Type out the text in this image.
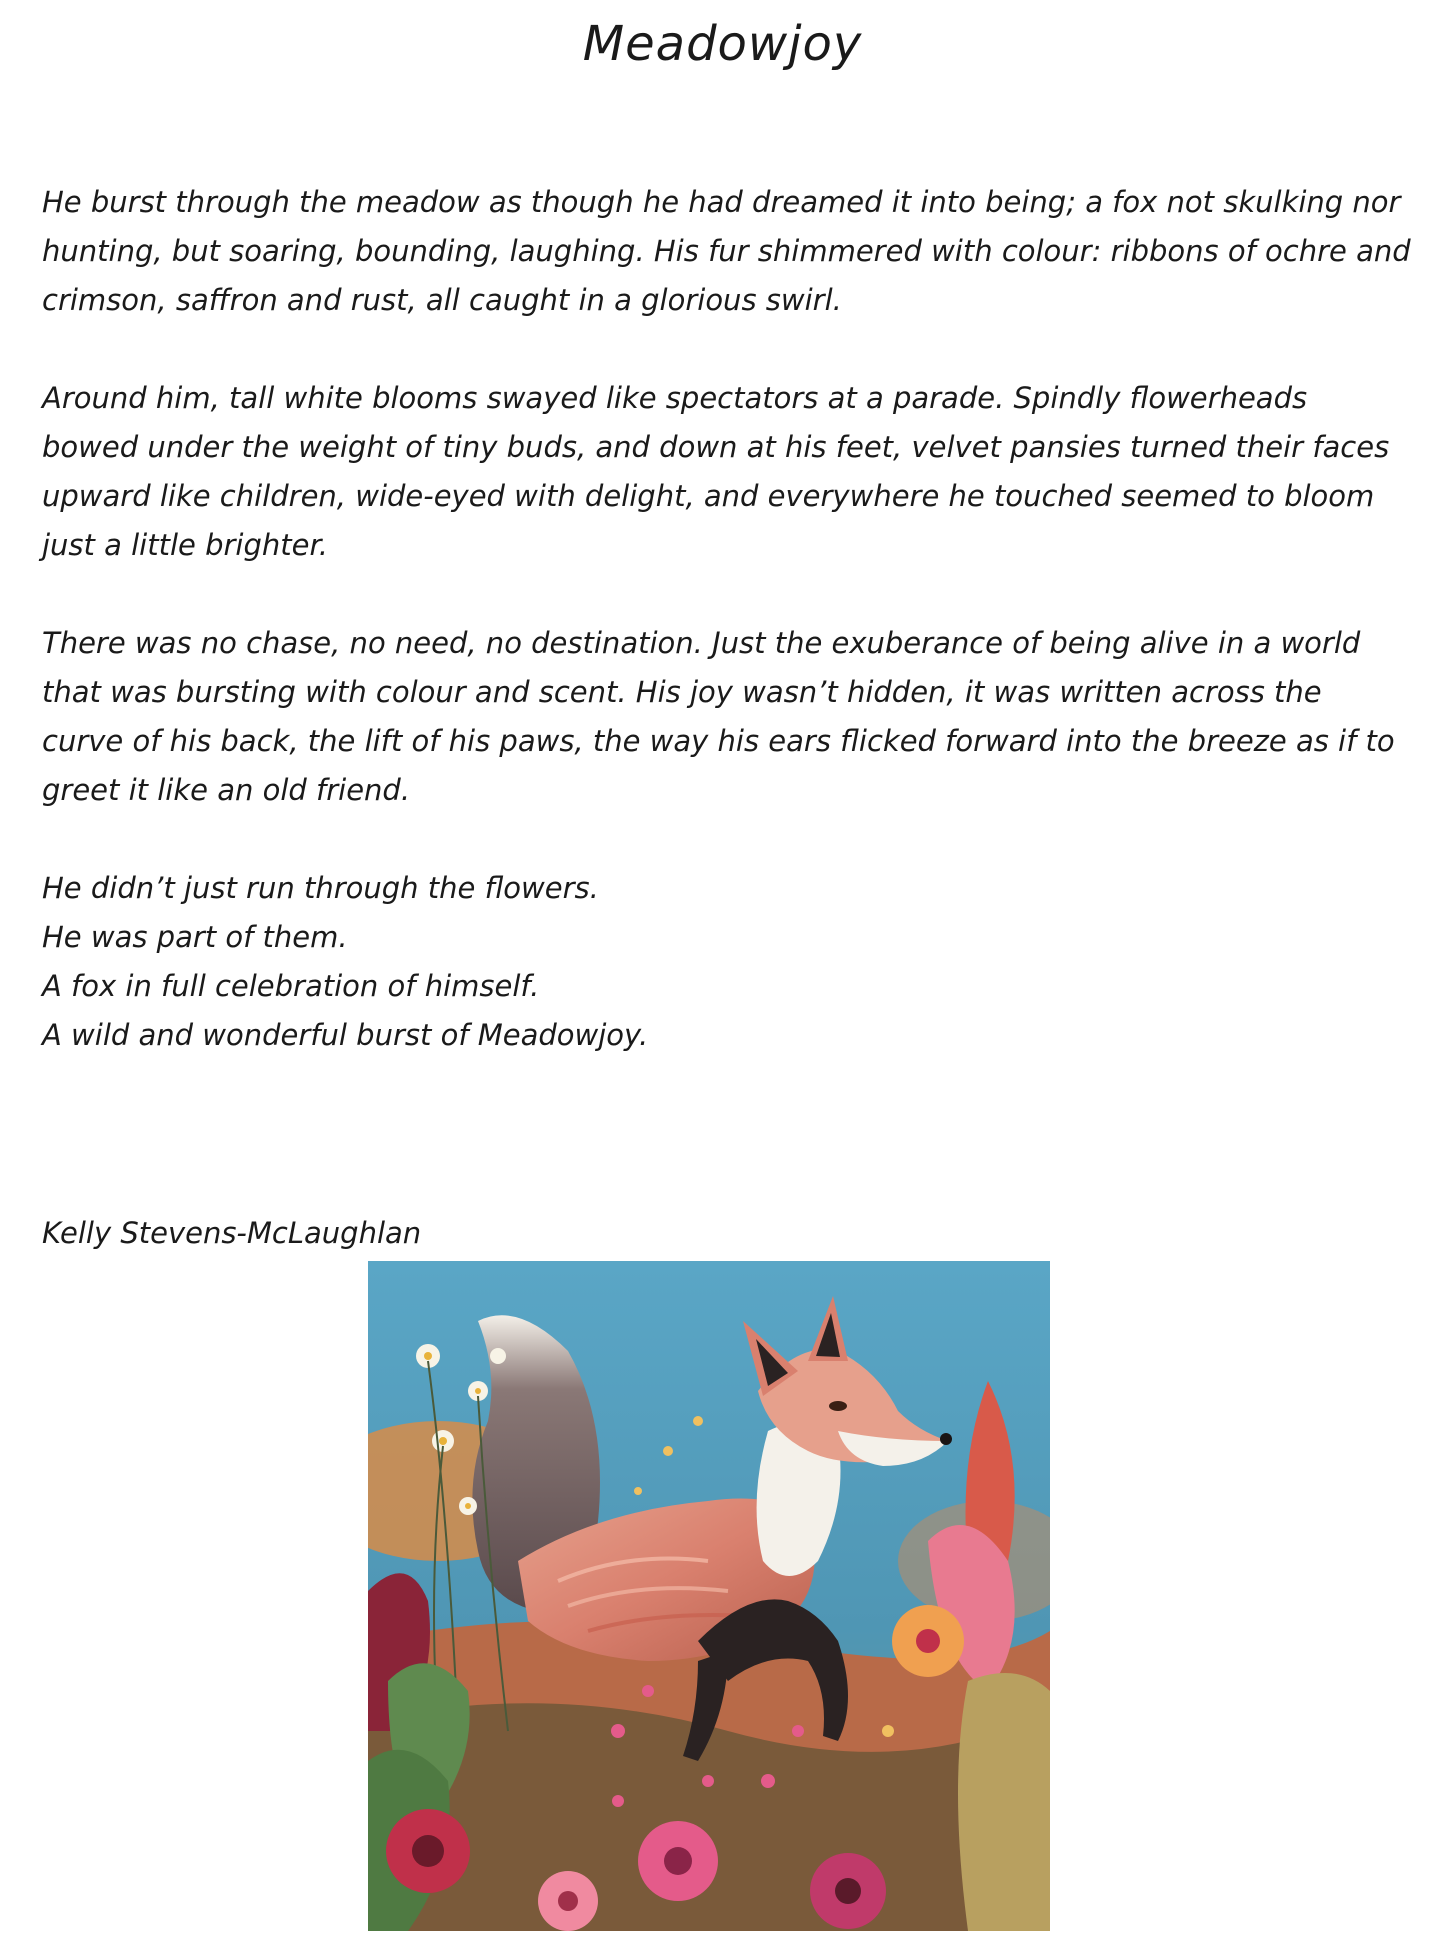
Meadowjoy

He burst through the meadow as though he had dreamed it into being; a fox not skulking nor hunting, but soaring, bounding, laughing. His fur shimmered with colour: ribbons of ochre and crimson, saffron and rust, all caught in a glorious swirl.

Around him, tall white blooms swayed like spectators at a parade. Spindly flowerheads bowed under the weight of tiny buds, and down at his feet, velvet pansies turned their faces upward like children, wide-eyed with delight, and everywhere he touched seemed to bloom just a little brighter.

There was no chase, no need, no destination. Just the exuberance of being alive in a world that was bursting with colour and scent. His joy wasn’t hidden, it was written across the curve of his back, the lift of his paws, the way his ears flicked forward into the breeze as if to greet it like an old friend.

He didn’t just run through the flowers.
He was part of them.
A fox in full celebration of himself.
A wild and wonderful burst of Meadowjoy.
Kelly Stevens-McLaughlan
